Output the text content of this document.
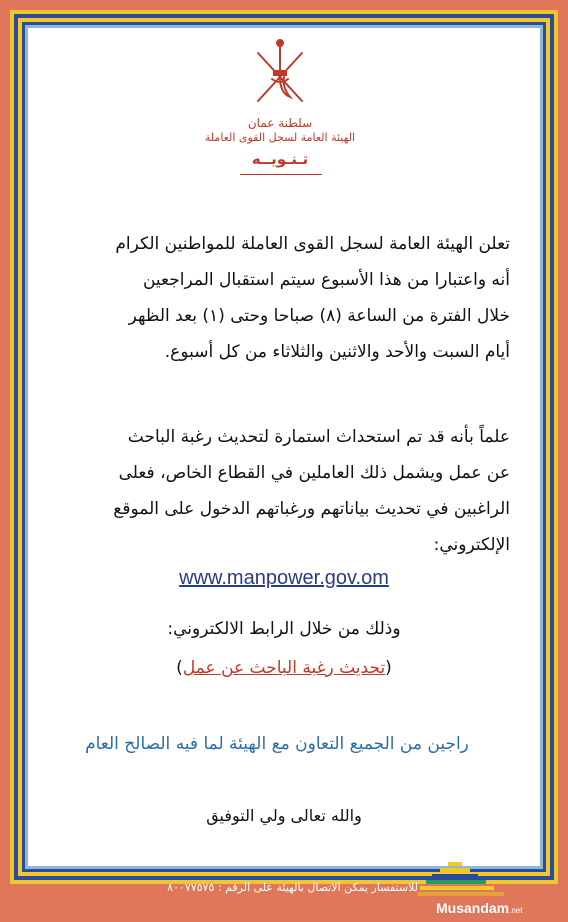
سلطنة عمان
الهيئة العامة لسجل القوى العاملة
تـنـويــه
تعلن الهيئة العامة لسجل القوى العاملة للمواطنين الكرام
أنه واعتبارا من هذا الأسبوع سيتم استقبال المراجعين
خلال الفترة من الساعة (٨) صباحا وحتى (١) بعد الظهر
أيام السبت والأحد والاثنين والثلاثاء من كل أسبوع.
علماً بأنه قد تم استحداث استمارة لتحديث رغبة الباحث
عن عمل ويشمل ذلك العاملين في القطاع الخاص، فعلى
الراغبين في تحديث بياناتهم ورغباتهم الدخول على الموقع
الإلكتروني:
www.manpower.gov.om
وذلك من خلال الرابط الالكتروني:
(تحديث رغبة الباحث عن عمل)
راجين من الجميع التعاون مع الهيئة لما فيه الصالح العام
والله تعالى ولي التوفيق
للاستفسار يمكن الاتصال بالهيئة على الرقم : ٨٠٠٧٧٥٧٥
Musandam.net
